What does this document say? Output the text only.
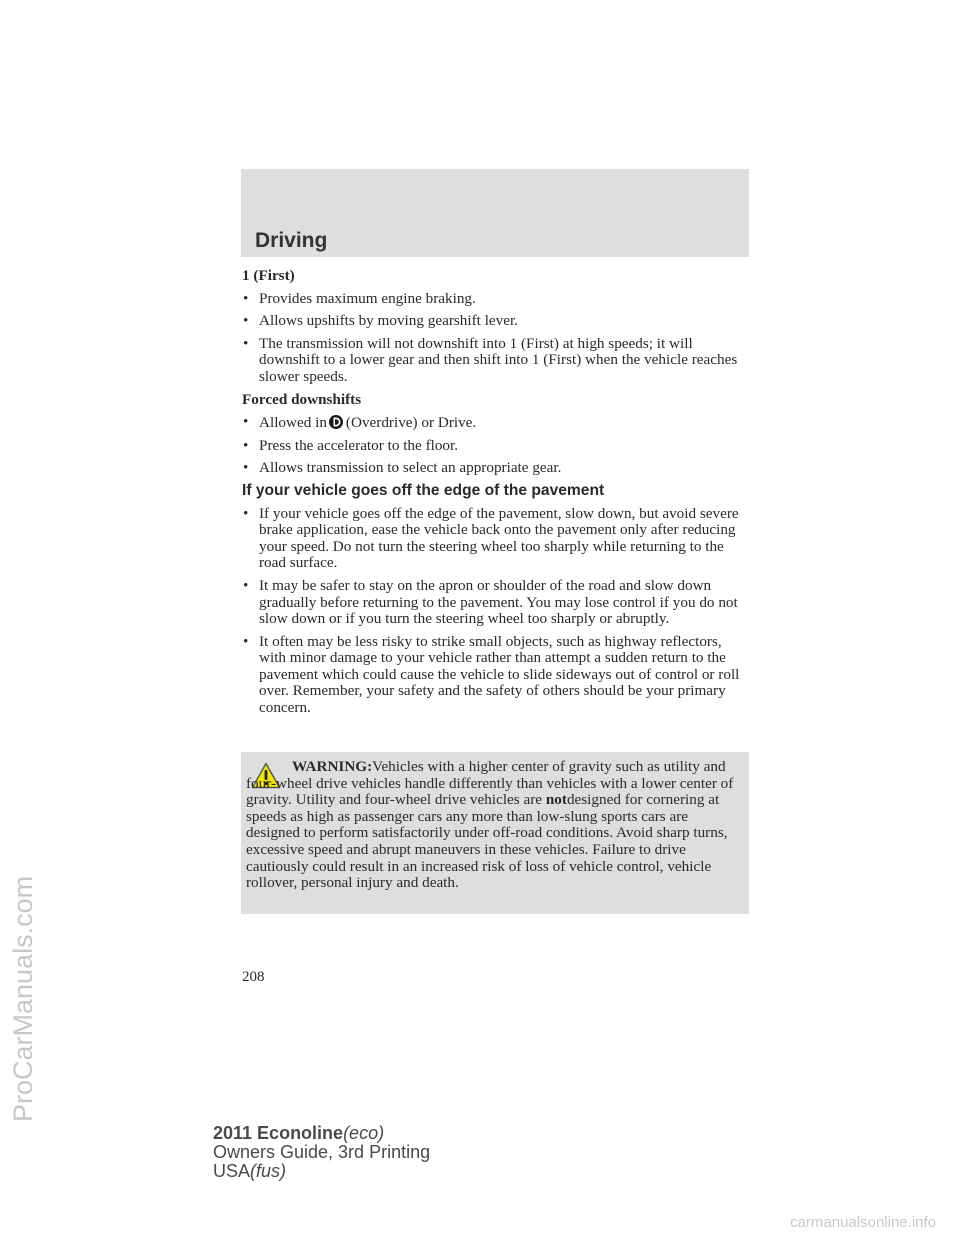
Driving
1 (First)
• Provides maximum engine braking.
• Allows upshifts by moving gearshift lever.
• The transmission will not downshift into 1 (First) at high speeds; it will downshift to a lower gear and then shift into 1 (First) when the vehicle reaches slower speeds.
Forced downshifts
• Allowed in (Overdrive) or Drive.
• Press the accelerator to the floor.
• Allows transmission to select an appropriate gear.
If your vehicle goes off the edge of the pavement
• If your vehicle goes off the edge of the pavement, slow down, but avoid severe brake application, ease the vehicle back onto the pavement only after reducing your speed. Do not turn the steering wheel too sharply while returning to the road surface.
• It may be safer to stay on the apron or shoulder of the road and slow down gradually before returning to the pavement. You may lose control if you do not slow down or if you turn the steering wheel too sharply or abruptly.
• It often may be less risky to strike small objects, such as highway reflectors, with minor damage to your vehicle rather than attempt a sudden return to the pavement which could cause the vehicle to slide sideways out of control or roll over. Remember, your safety and the safety of others should be your primary concern.
WARNING:Vehicles with a higher center of gravity such as utility and four-wheel drive vehicles handle differently than vehicles with a lower center of gravity. Utility and four-wheel drive vehicles are notdesigned for cornering at speeds as high as passenger cars any more than low-slung sports cars are designed to perform satisfactorily under off-road conditions. Avoid sharp turns, excessive speed and abrupt maneuvers in these vehicles. Failure to drive cautiously could result in an increased risk of loss of vehicle control, vehicle rollover, personal injury and death.
208
2011 Econoline(eco)
Owners Guide, 3rd Printing
USA(fus)
ProCarManuals.com
carmanualsonline.info
